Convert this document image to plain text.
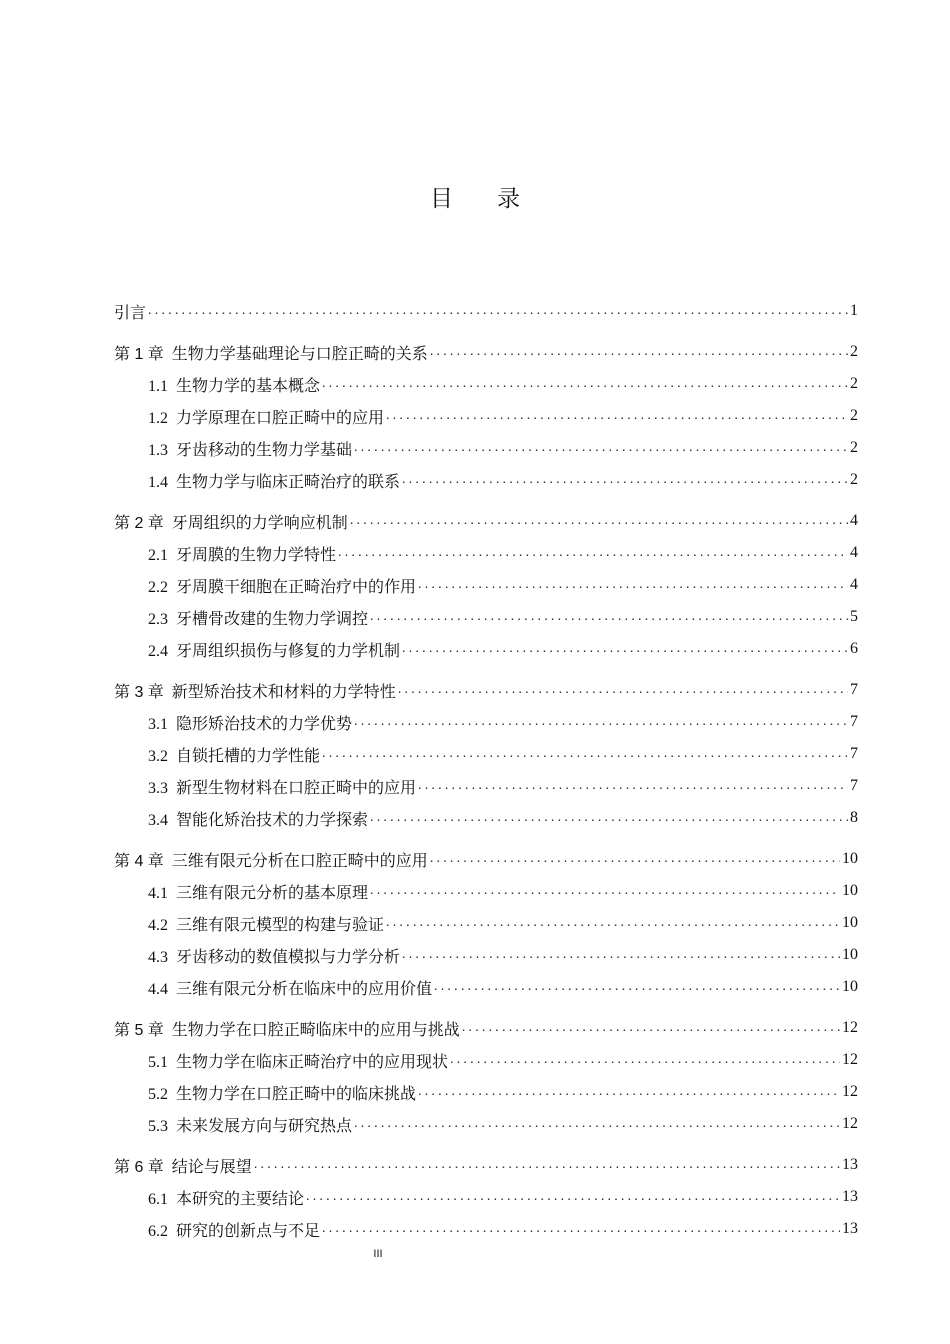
目 录
引言 .....	1
第 1 章 生物力学基础理论与口腔正畸的关系 .....	2
1.1 生物力学的基本概念 .....	2
1.2 力学原理在口腔正畸中的应用 .....	2
1.3 牙齿移动的生物力学基础 .....	2
1.4 生物力学与临床正畸治疗的联系 .....	2
第 2 章 牙周组织的力学响应机制 .....	4
2.1 牙周膜的生物力学特性 .....	4
2.2 牙周膜干细胞在正畸治疗中的作用 .....	4
2.3 牙槽骨改建的生物力学调控 .....	5
2.4 牙周组织损伤与修复的力学机制 .....	6
第 3 章 新型矫治技术和材料的力学特性 .....	7
3.1 隐形矫治技术的力学优势 .....	7
3.2 自锁托槽的力学性能 .....	7
3.3 新型生物材料在口腔正畸中的应用 .....	7
3.4 智能化矫治技术的力学探索 .....	8
第 4 章 三维有限元分析在口腔正畸中的应用 .....	10
4.1 三维有限元分析的基本原理 .....	10
4.2 三维有限元模型的构建与验证 .....	10
4.3 牙齿移动的数值模拟与力学分析 .....	10
4.4 三维有限元分析在临床中的应用价值 .....	10
第 5 章 生物力学在口腔正畸临床中的应用与挑战 .....	12
5.1 生物力学在临床正畸治疗中的应用现状 .....	12
5.2 生物力学在口腔正畸中的临床挑战 .....	12
5.3 未来发展方向与研究热点 .....	12
第 6 章 结论与展望 .....	13
6.1 本研究的主要结论 .....	13
6.2 研究的创新点与不足 .....	13
III
